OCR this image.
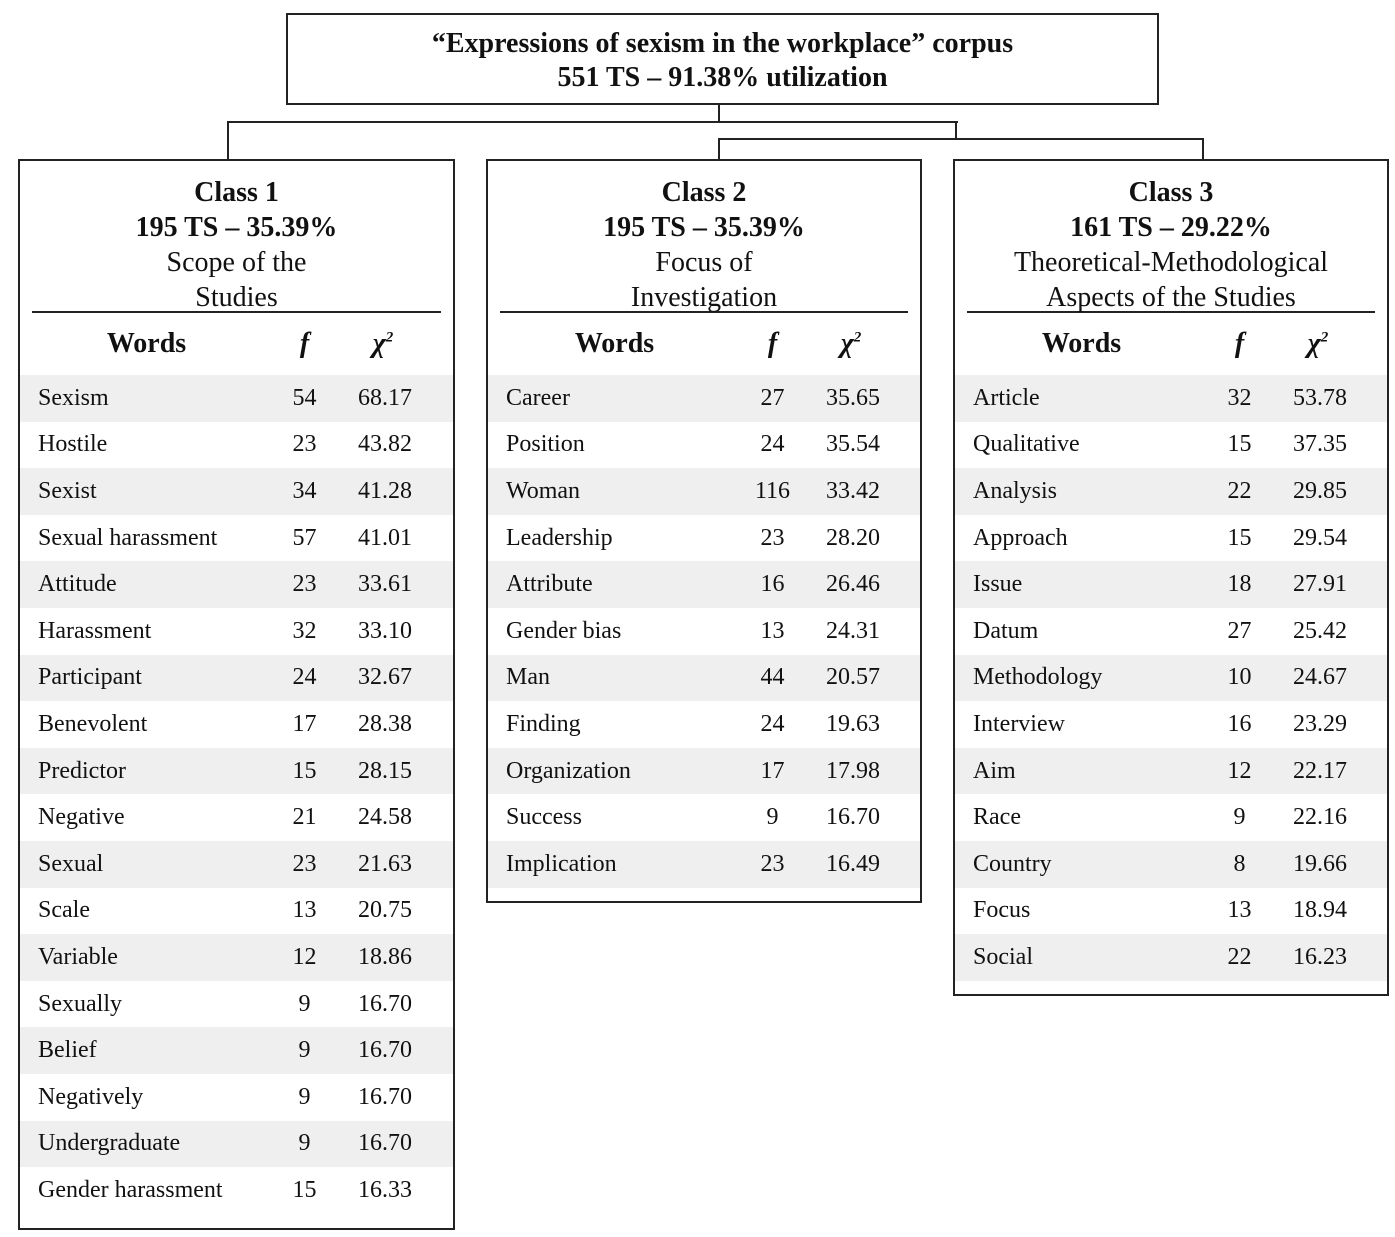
“Expressions of sexism in the workplace” corpus
551 TS – 91.38% utilization
Class 1
195 TS – 35.39%
Scope of the
Studies
Words	f	$\chi^2$
Sexism	54	68.17
Hostile	23	43.82
Sexist	34	41.28
Sexual harassment	57	41.01
Attitude	23	33.61
Harassment	32	33.10
Participant	24	32.67
Benevolent	17	28.38
Predictor	15	28.15
Negative	21	24.58
Sexual	23	21.63
Scale	13	20.75
Variable	12	18.86
Sexually	9	16.70
Belief	9	16.70
Negatively	9	16.70
Undergraduate	9	16.70
Gender harassment	15	16.33
Class 2
195 TS – 35.39%
Focus of
Investigation
Words	f	$\chi^2$
Career	27	35.65
Position	24	35.54
Woman	116	33.42
Leadership	23	28.20
Attribute	16	26.46
Gender bias	13	24.31
Man	44	20.57
Finding	24	19.63
Organization	17	17.98
Success	9	16.70
Implication	23	16.49
Class 3
161 TS – 29.22%
Theoretical-Methodological
Aspects of the Studies
Words	f	$\chi^2$
Article	32	53.78
Qualitative	15	37.35
Analysis	22	29.85
Approach	15	29.54
Issue	18	27.91
Datum	27	25.42
Methodology	10	24.67
Interview	16	23.29
Aim	12	22.17
Race	9	22.16
Country	8	19.66
Focus	13	18.94
Social	22	16.23
